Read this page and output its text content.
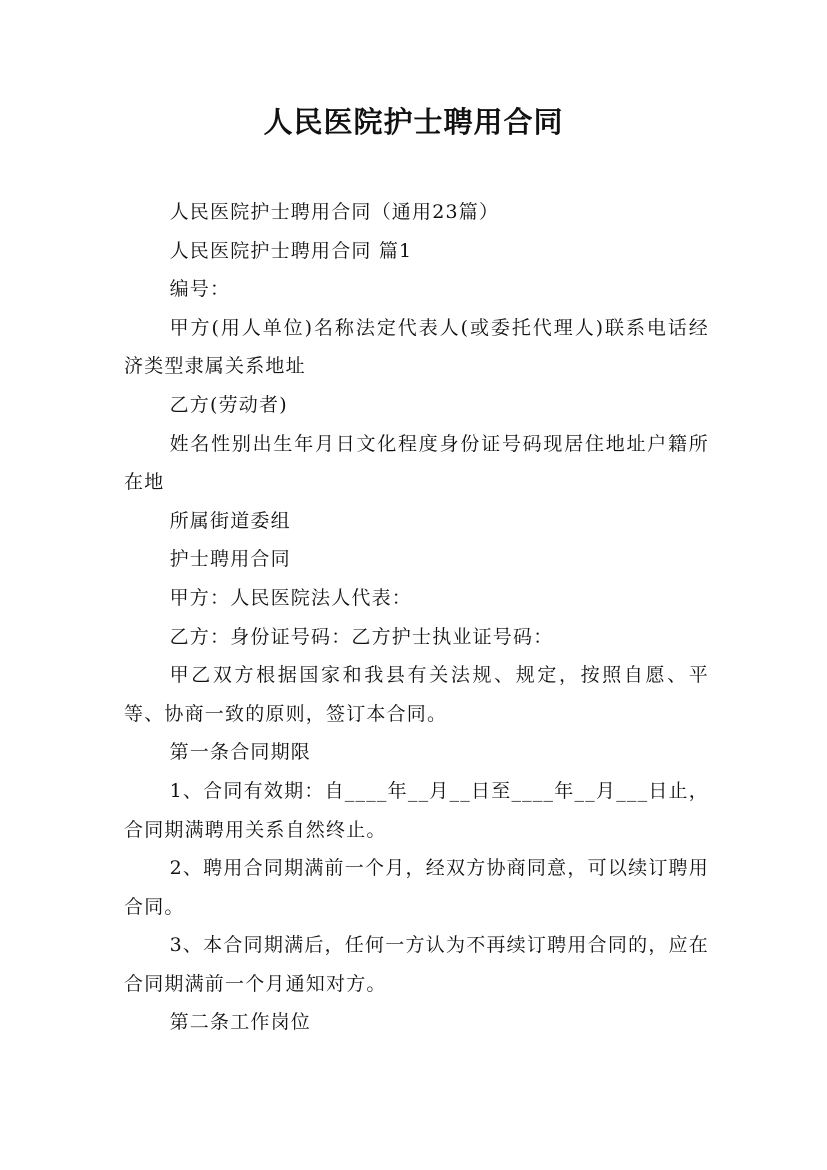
人民医院护士聘用合同

人民医院护士聘用合同（通用23篇）

人民医院护士聘用合同 篇1

编号：

甲方(用人单位)名称法定代表人(或委托代理人)联系电话经济类型隶属关系地址

乙方(劳动者)

姓名性别出生年月日文化程度身份证号码现居住地址户籍所在地

所属街道委组

护士聘用合同

甲方：人民医院法人代表：

乙方：身份证号码：乙方护士执业证号码：

甲乙双方根据国家和我县有关法规、规定，按照自愿、平等、协商一致的原则，签订本合同。

第一条合同期限

1、合同有效期：自____年__月__日至____年__月___日止，合同期满聘用关系自然终止。

2、聘用合同期满前一个月，经双方协商同意，可以续订聘用合同。

3、本合同期满后，任何一方认为不再续订聘用合同的，应在合同期满前一个月通知对方。

第二条工作岗位
